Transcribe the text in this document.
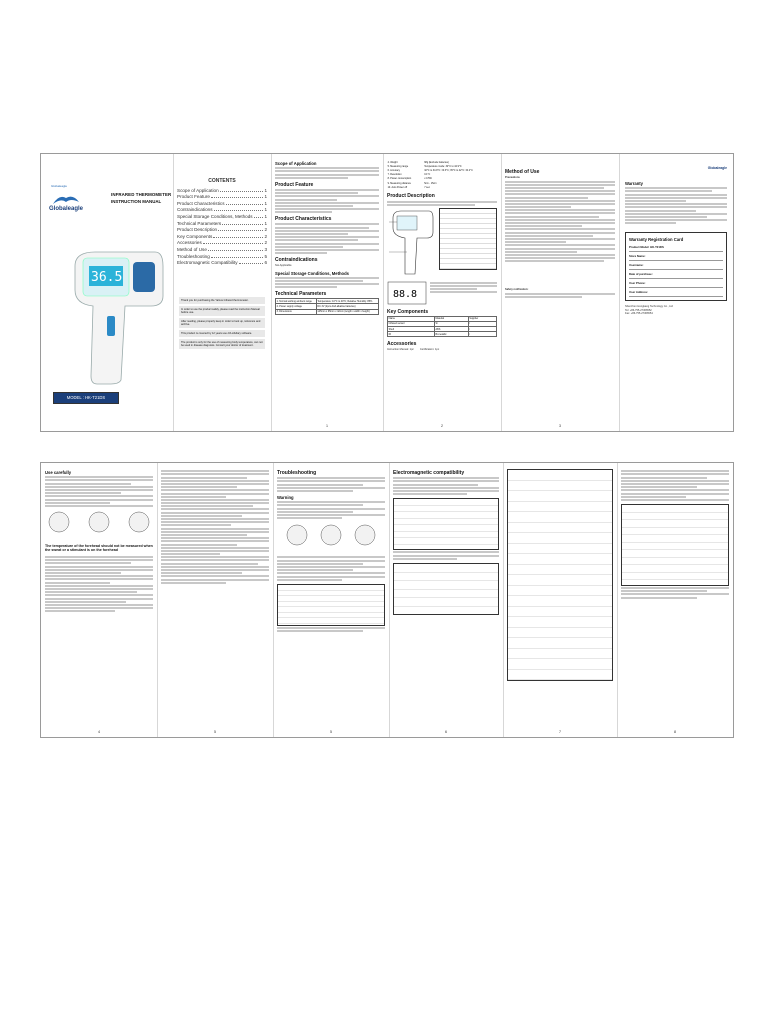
Globaleagle
Globaleagle
INFRARED THERMOMETER
INSTRUCTION MANUAL
36.5
MODEL : HK-T21DS
CONTENTS
Scope of Application	1
Product Feature	1
Product Characteristics	1
Contraindications	1
Special Storage Conditions, Methods	1
Technical Parameters	1
Product Description	2
Key Components	2
Accessories	2
Method of Use	3
Troubleshooting	5
Electromagnetic Compatibility	6
Thank you for purchasing the Yalcus Infrared thermometer.
In order to use the product safely, please read the instruction Manual before use.
After reading, please properly keep in order to look up, reference and archive.
This product is covered by 12 years use-OA sifullary software.
The product is only for the use of measuring body temperature, can not be used in disease diagnosis. Consult your doctor of treatment.
Scope of Application
Product Feature
Product Characteristics
Contraindications
Not Applicable
Special Storage Conditions, Methods
Technical Parameters
1. Normal working ambient range	Temperature: 10°C to 40°C; Relative Humidity: 85%
2. Power supply voltage	DC 3V (2pcs AAA alkaline batteries)
3. Dimensions	145mm x 95mm x 42mm (length x width x height)
1
4. Weight	68g (Exclude batteries)
5. Measuring range	Temperature mode: 32°C to 42.9°C
6. Accuracy	32°C to 34.9°C: ±0.3°C; 35°C to 42°C: ±0.2°C
7. Resolution	0.1°C
8. Power consumption	≤ 0.5W
9. Measuring distance	5cm - 15cm
10. Auto Power off	7 sec
Product Description
88.8
Key Components
Name	Material	Supplier
Infrared sensor	Si	/
Shell	ABS	/
IR	Bi-metallic	/
Accessories
Instruction Manual: 1pc Certification: 1pc
2
Method of Use
Precautions
Safety notification:
3
Globaleagle
Warranty
Warranty Registration Card
Product Model: HK-T21DS
Store Name:
Username:
Date of purchase:
User Phone:
User Address:
Shenzhen Hongkang Technology Co., Ltd
Tel: +86-755-27366552
Fax: +86-755-27366554
Use carefully
The temperature of the forehead should not be measured when the sweat or a stimulant is on the forehead
4	5
Troubleshooting
Warning
5
Electromagnetic compatibility
6	7	8
